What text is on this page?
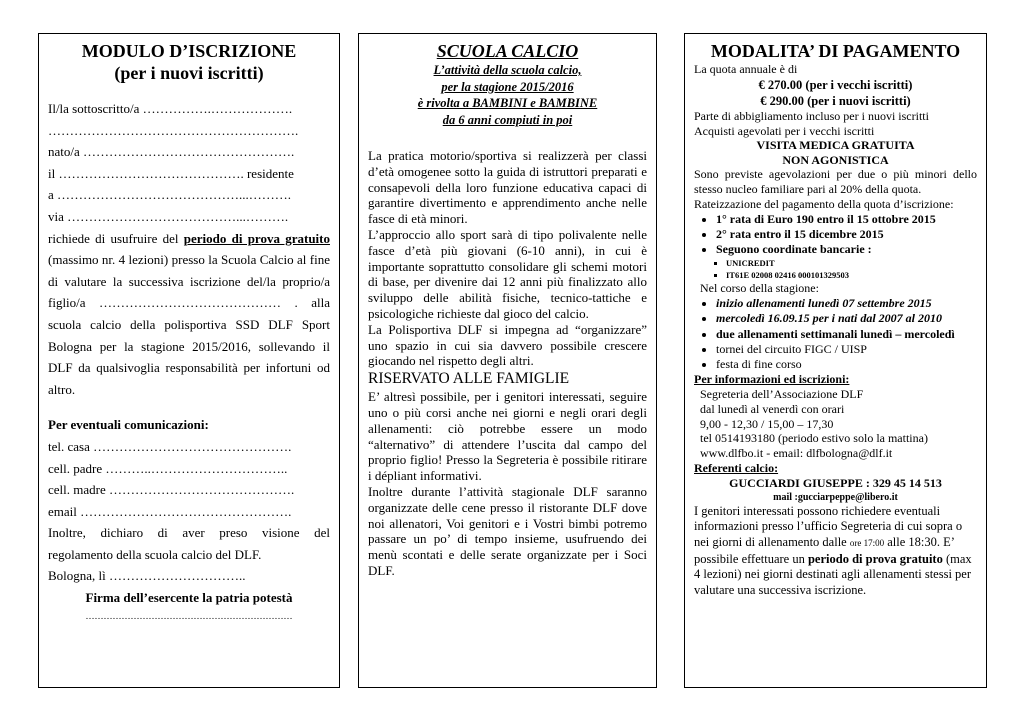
MODULO D’ISCRIZIONE
(per i nuovi iscritti)
Il/la sottoscritto/a …………….……………….
………………………………………………….
nato/a ………………………………………….
il ……………………………………. residente
a ……………………………………...……….
via …………………………………...……….
richiede di usufruire del periodo di prova gratuito (massimo nr. 4 lezioni) presso la Scuola Calcio al fine di valutare la successiva iscrizione del/la proprio/a figlio/a …………………………………… . alla scuola calcio della polisportiva SSD DLF Sport Bologna per la stagione 2015/2016, sollevando il DLF da qualsivoglia responsabilità per infortuni od altro.
Per eventuali comunicazioni:
tel. casa ……………………………………….
cell. padre ………..…………………………..
cell. madre …………………………………….
email ………………………………………….
Inoltre, dichiaro di aver preso visione del regolamento della scuola calcio del DLF.
Bologna, lì …………………………..
Firma dell’esercente la patria potestà
……………………………………………………………
SCUOLA CALCIO
L’attività della scuola calcio,
per la stagione 2015/2016
è rivolta a BAMBINI e BAMBINE
da 6 anni compiuti in poi
La pratica motorio/sportiva si realizzerà per classi d’età omogenee sotto la guida di istruttori preparati e consapevoli della loro funzione educativa capaci di garantire divertimento e apprendimento anche nelle fasce di età minori.
L’approccio allo sport sarà di tipo polivalente nelle fasce d’età più giovani (6-10 anni), in cui è importante soprattutto consolidare gli schemi motori di base, per divenire dai 12 anni più finalizzato allo sviluppo delle abilità fisiche, tecnico-tattiche e psicologiche richieste dal gioco del calcio.
La Polisportiva DLF si impegna ad “organizzare” uno spazio in cui sia davvero possibile crescere giocando nel rispetto degli altri.
RISERVATO ALLE FAMIGLIE
E’ altresì possibile, per i genitori interessati, seguire uno o più corsi anche nei giorni e negli orari degli allenamenti: ciò potrebbe essere un modo “alternativo” di attendere l’uscita dal campo del proprio figlio! Presso la Segreteria è possibile ritirare i dépliant informativi.
Inoltre durante l’attività stagionale DLF saranno organizzate delle cene presso il ristorante DLF dove noi allenatori, Voi genitori e i Vostri bimbi potremo passare un po’ di tempo insieme, usufruendo dei menù scontati e delle serate organizzate per i Soci DLF.
MODALITA’ DI PAGAMENTO
La quota annuale è di
€ 270.00 (per i vecchi iscritti)
€ 290.00 (per i nuovi iscritti)
Parte di abbigliamento incluso per i nuovi iscritti
Acquisti agevolati per i vecchi iscritti
VISITA MEDICA GRATUITA
NON AGONISTICA
Sono previste agevolazioni per due o più minori dello stesso nucleo familiare pari al 20% della quota.
Rateizzazione del pagamento della quota d’iscrizione:
• 1° rata di Euro 190 entro il 15 ottobre 2015
• 2° rata entro il 15 dicembre 2015
• Seguono coordinate bancarie :
▪ UNICREDIT
▪ IT61E 02008 02416 000101329503
Nel corso della stagione:
• inizio allenamenti lunedì 07 settembre 2015
• mercoledì 16.09.15 per i nati dal 2007 al 2010
• due allenamenti settimanali lunedì – mercoledì
• tornei del circuito FIGC / UISP
• festa di fine corso
Per informazioni ed iscrizioni:
Segreteria dell’Associazione DLF
dal lunedì al venerdì con orari
9,00 - 12,30 / 15,00 – 17,30
tel 0514193180 (periodo estivo solo la mattina)
www.dlfbo.it - email: dlfbologna@dlf.it
Referenti calcio:
GUCCIARDI GIUSEPPE : 329 45 14 513
mail :gucciarpeppe@libero.it
I genitori interessati possono richiedere eventuali informazioni presso l’ufficio Segreteria di cui sopra o nei giorni di allenamento dalle ore 17:00 alle 18:30. E’ possibile effettuare un periodo di prova gratuito (max 4 lezioni) nei giorni destinati agli allenamenti stessi per valutare una successiva iscrizione.
